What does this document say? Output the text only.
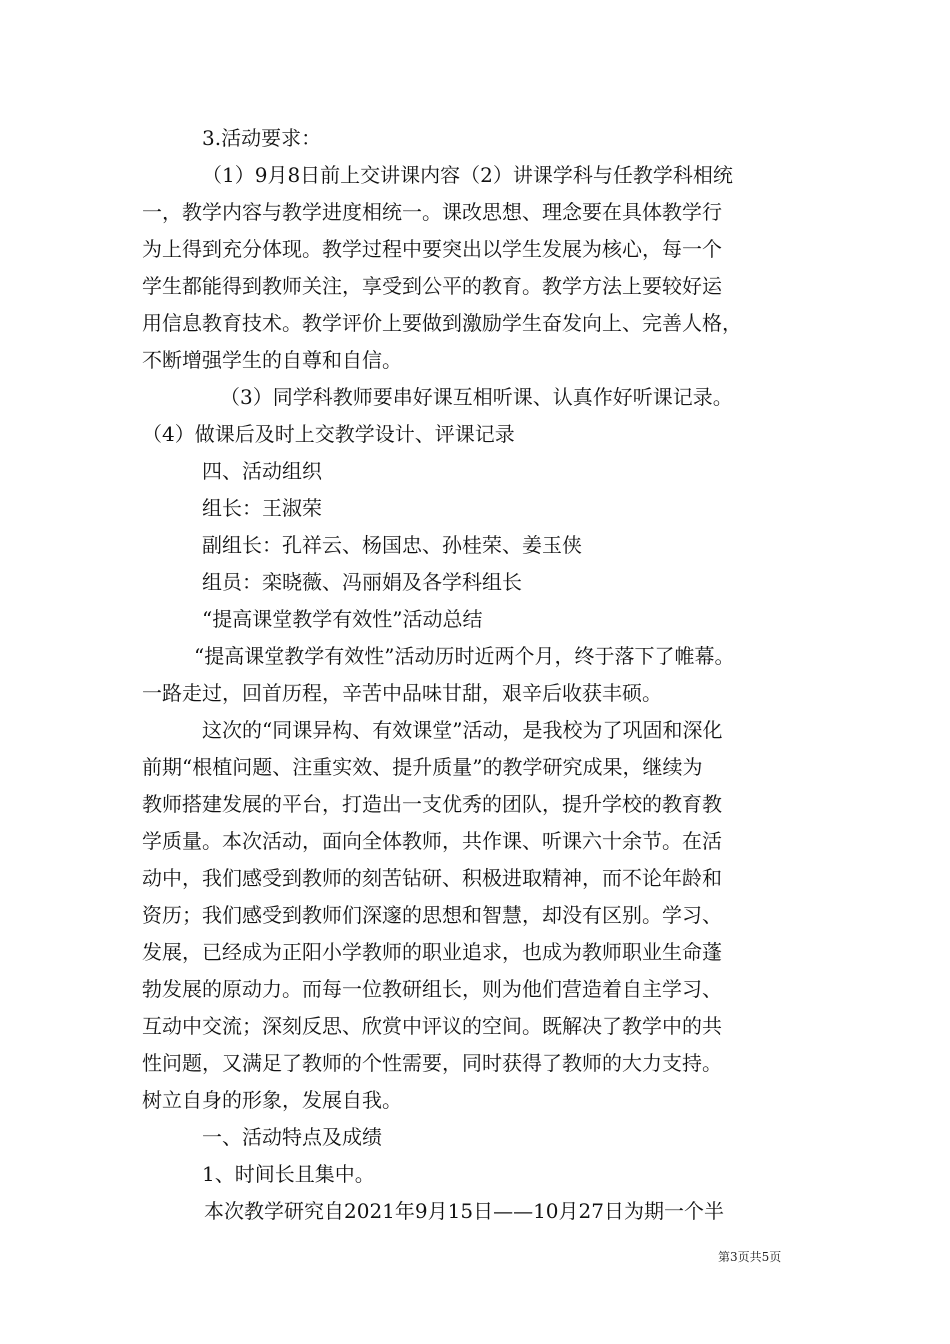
3.活动要求：
（1）9月8日前上交讲课内容（2）讲课学科与任教学科相统
一，教学内容与教学进度相统一。课改思想、理念要在具体教学行
为上得到充分体现。教学过程中要突出以学生发展为核心，每一个
学生都能得到教师关注，享受到公平的教育。教学方法上要较好运
用信息教育技术。教学评价上要做到激励学生奋发向上、完善人格，
不断增强学生的自尊和自信。
（3）同学科教师要串好课互相听课、认真作好听课记录。
（4）做课后及时上交教学设计、评课记录
四、活动组织
组长：王淑荣
副组长：孔祥云、杨国忠、孙桂荣、姜玉侠
组员：栾晓薇、冯丽娟及各学科组长
“提高课堂教学有效性”活动总结
“提高课堂教学有效性”活动历时近两个月，终于落下了帷幕。
一路走过，回首历程，辛苦中品味甘甜，艰辛后收获丰硕。
这次的“同课异构、有效课堂”活动，是我校为了巩固和深化
前期“根植问题、注重实效、提升质量”的教学研究成果，继续为
教师搭建发展的平台，打造出一支优秀的团队，提升学校的教育教
学质量。本次活动，面向全体教师，共作课、听课六十余节。在活
动中，我们感受到教师的刻苦钻研、积极进取精神，而不论年龄和
资历；我们感受到教师们深邃的思想和智慧，却没有区别。学习、
发展，已经成为正阳小学教师的职业追求，也成为教师职业生命蓬
勃发展的原动力。而每一位教研组长，则为他们营造着自主学习、
互动中交流；深刻反思、欣赏中评议的空间。既解决了教学中的共
性问题，又满足了教师的个性需要，同时获得了教师的大力支持。
树立自身的形象，发展自我。
一、活动特点及成绩
1、时间长且集中。
本次教学研究自2021年9月15日——10月27日为期一个半
第3页共5页
